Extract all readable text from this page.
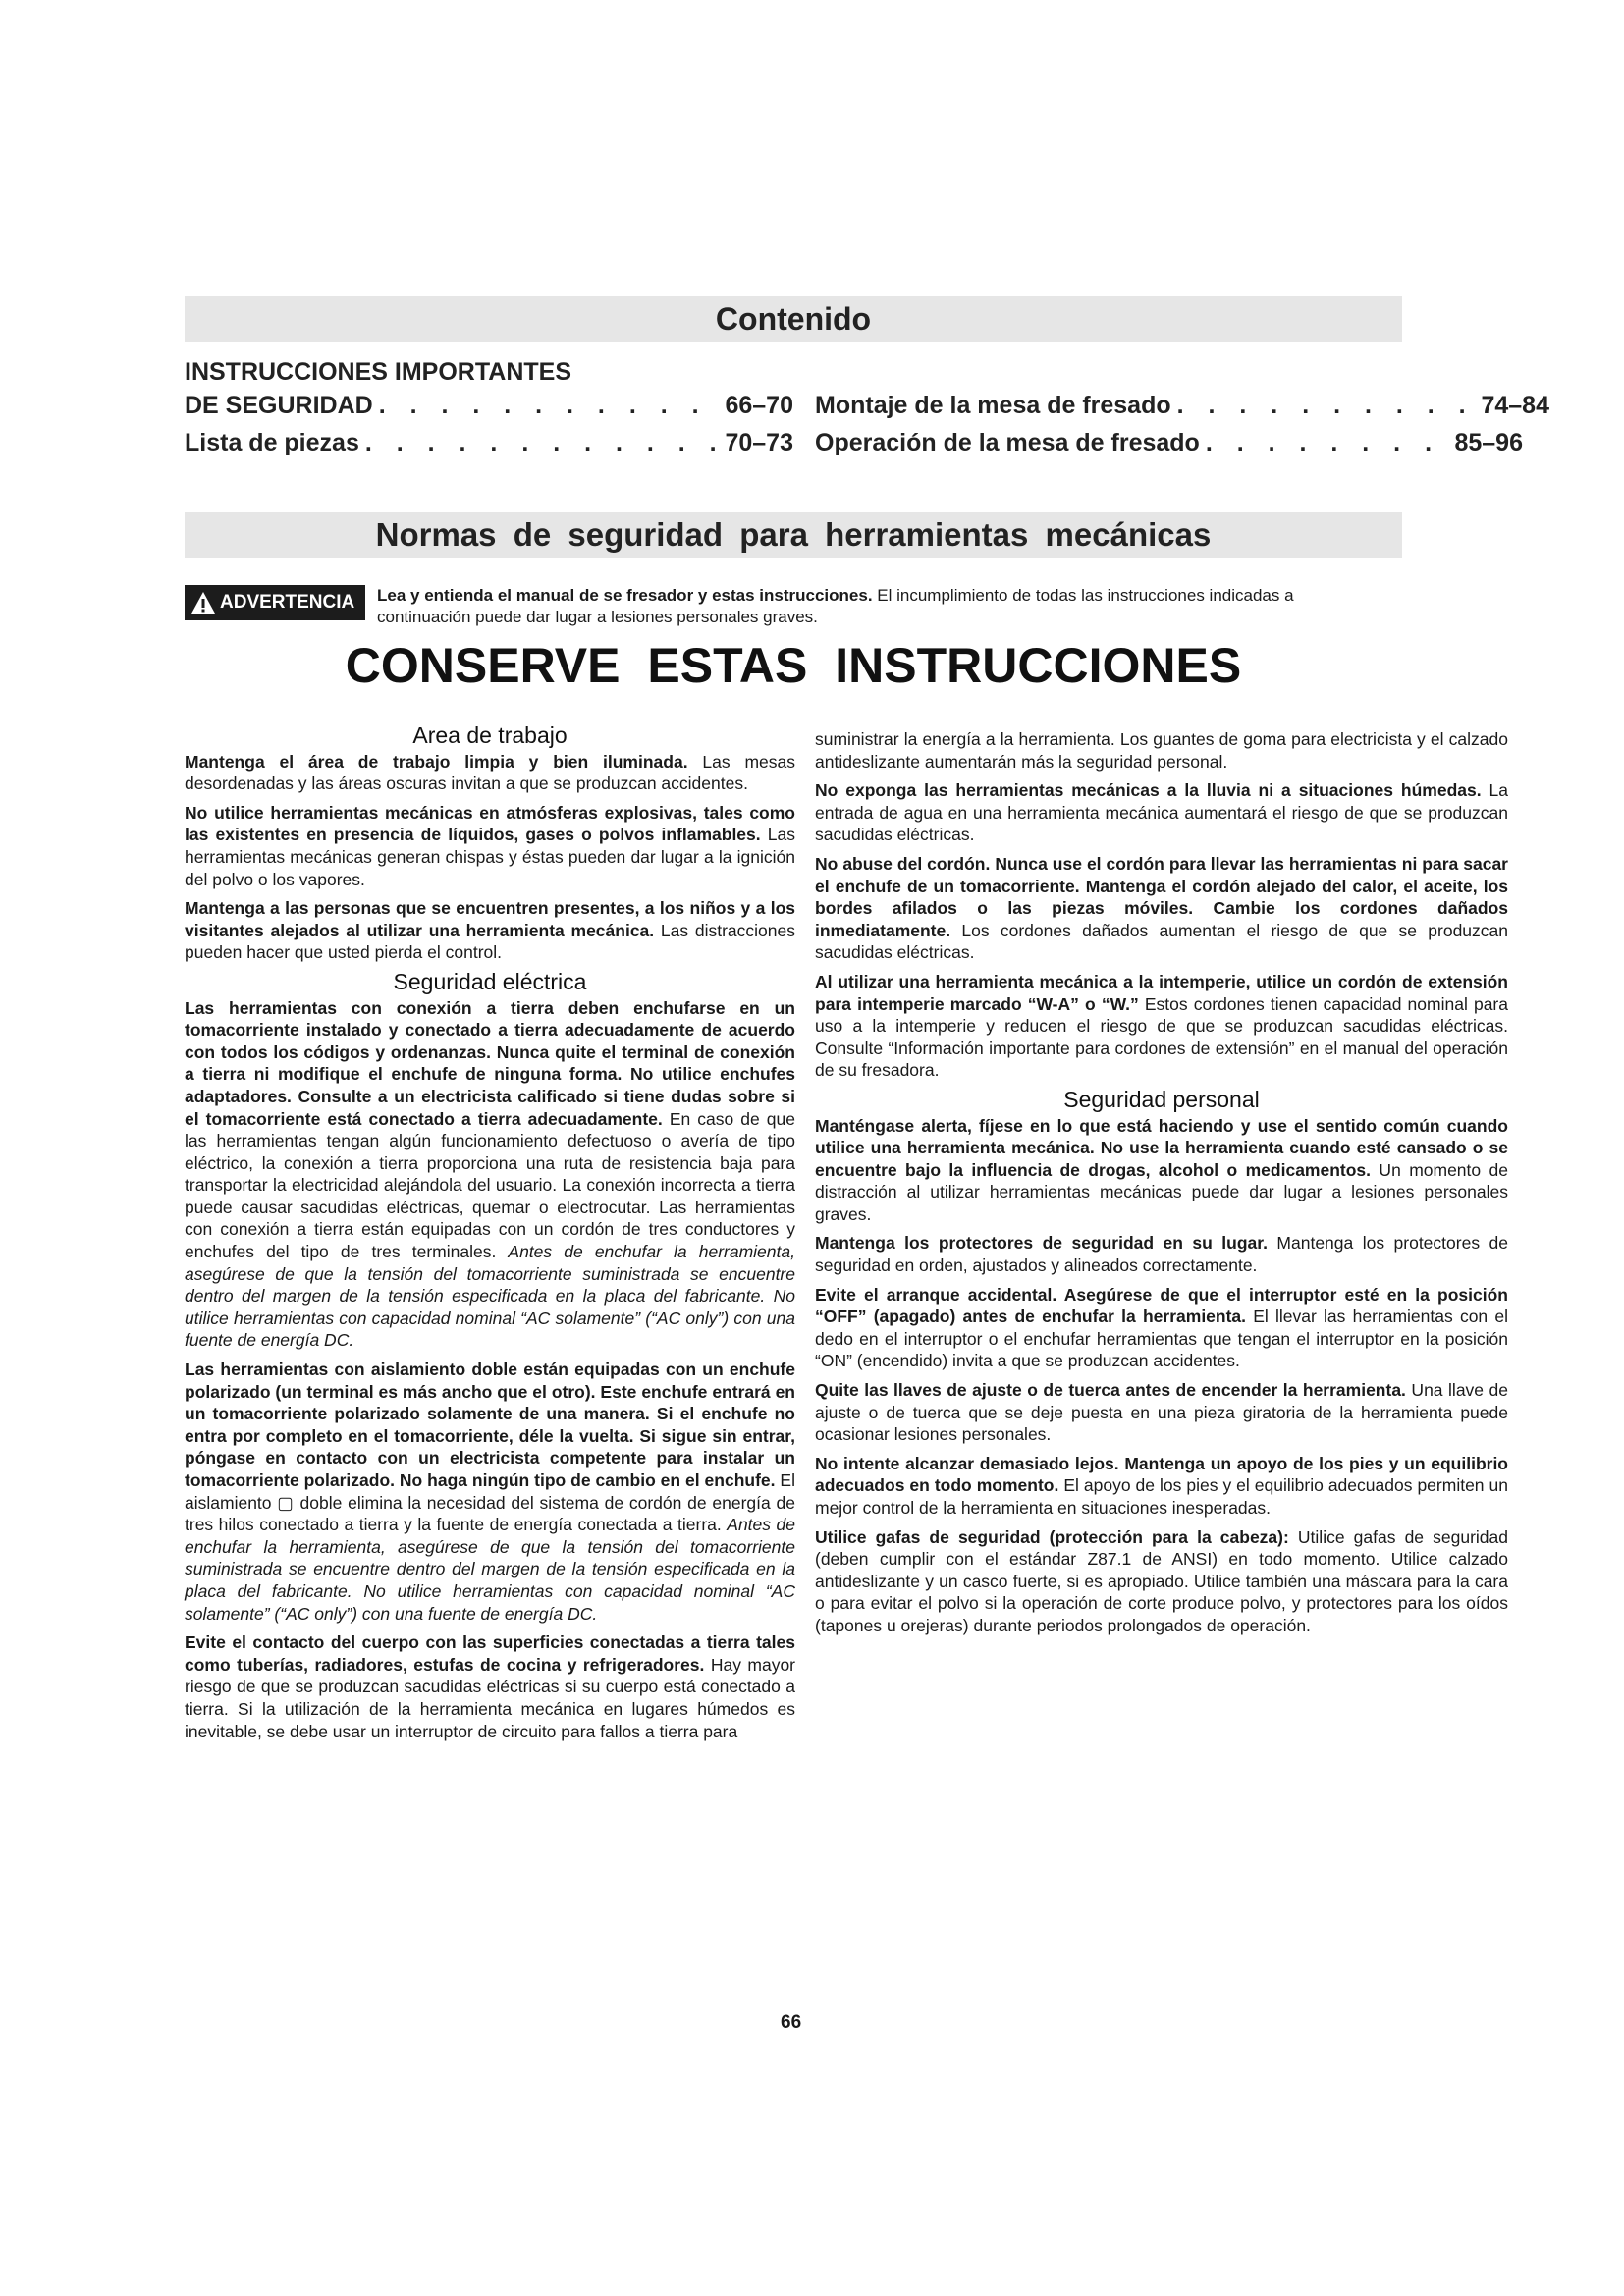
Contenido
INSTRUCCIONES IMPORTANTES
DE SEGURIDAD . . .	66–70
Lista de piezas . . .	70–73
Montaje de la mesa de fresado . . .	74–84
Operación de la mesa de fresado . . .	85–96
Normas de seguridad para herramientas mecánicas
ADVERTENCIA Lea y entienda el manual de se fresador y estas instrucciones. El incumplimiento de todas las instrucciones indicadas a continuación puede dar lugar a lesiones personales graves.
CONSERVE ESTAS INSTRUCCIONES
Area de trabajo

Mantenga el área de trabajo limpia y bien iluminada. Las mesas desordenadas y las áreas oscuras invitan a que se produzcan accidentes.

No utilice herramientas mecánicas en atmósferas explosivas, tales como las existentes en presencia de líquidos, gases o polvos inflamables. Las herramientas mecánicas generan chispas y éstas pueden dar lugar a la ignición del polvo o los vapores.

Mantenga a las personas que se encuentren presentes, a los niños y a los visitantes alejados al utilizar una herramienta mecánica. Las distracciones pueden hacer que usted pierda el control.

Seguridad eléctrica

Las herramientas con conexión a tierra deben enchufarse en un tomacorriente instalado y conectado a tierra adecuadamente de acuerdo con todos los códigos y ordenanzas. Nunca quite el terminal de conexión a tierra ni modifique el enchufe de ninguna forma. No utilice enchufes adaptadores. Consulte a un electricista calificado si tiene dudas sobre si el tomacorriente está conectado a tierra adecuadamente. En caso de que las herramientas tengan algún funcionamiento defectuoso o avería de tipo eléctrico, la conexión a tierra proporciona una ruta de resistencia baja para transportar la electricidad alejándola del usuario. La conexión incorrecta a tierra puede causar sacudidas eléctricas, quemar o electrocutar. Las herramientas con conexión a tierra están equipadas con un cordón de tres conductores y enchufes del tipo de tres terminales. Antes de enchufar la herramienta, asegúrese de que la tensión del tomacorriente suministrada se encuentre dentro del margen de la tensión especificada en la placa del fabricante. No utilice herramientas con capacidad nominal “AC solamente” (“AC only”) con una fuente de energía DC.

Las herramientas con aislamiento doble están equipadas con un enchufe polarizado (un terminal es más ancho que el otro). Este enchufe entrará en un tomacorriente polarizado solamente de una manera. Si el enchufe no entra por completo en el tomacorriente, déle la vuelta. Si sigue sin entrar, póngase en contacto con un electricista competente para instalar un tomacorriente polarizado. No haga ningún tipo de cambio en el enchufe. El aislamiento ▢ doble elimina la necesidad del sistema de cordón de energía de tres hilos conectado a tierra y la fuente de energía conectada a tierra. Antes de enchufar la herramienta, asegúrese de que la tensión del tomacorriente suministrada se encuentre dentro del margen de la tensión especificada en la placa del fabricante. No utilice herramientas con capacidad nominal “AC solamente” (“AC only”) con una fuente de energía DC.

Evite el contacto del cuerpo con las superficies conectadas a tierra tales como tuberías, radiadores, estufas de cocina y refrigeradores. Hay mayor riesgo de que se produzcan sacudidas eléctricas si su cuerpo está conectado a tierra. Si la utilización de la herramienta mecánica en lugares húmedos es inevitable, se debe usar un interruptor de circuito para fallos a tierra para

suministrar la energía a la herramienta. Los guantes de goma para electricista y el calzado antideslizante aumentarán más la seguridad personal.

No exponga las herramientas mecánicas a la lluvia ni a situaciones húmedas. La entrada de agua en una herramienta mecánica aumentará el riesgo de que se produzcan sacudidas eléctricas.

No abuse del cordón. Nunca use el cordón para llevar las herramientas ni para sacar el enchufe de un tomacorriente. Mantenga el cordón alejado del calor, el aceite, los bordes afilados o las piezas móviles. Cambie los cordones dañados inmediatamente. Los cordones dañados aumentan el riesgo de que se produzcan sacudidas eléctricas.

Al utilizar una herramienta mecánica a la intemperie, utilice un cordón de extensión para intemperie marcado “W-A” o “W.” Estos cordones tienen capacidad nominal para uso a la intemperie y reducen el riesgo de que se produzcan sacudidas eléctricas. Consulte “Información importante para cordones de extensión” en el manual del operación de su fresadora.

Seguridad personal

Manténgase alerta, fíjese en lo que está haciendo y use el sentido común cuando utilice una herramienta mecánica. No use la herramienta cuando esté cansado o se encuentre bajo la influencia de drogas, alcohol o medicamentos. Un momento de distracción al utilizar herramientas mecánicas puede dar lugar a lesiones personales graves.

Mantenga los protectores de seguridad en su lugar. Mantenga los protectores de seguridad en orden, ajustados y alineados correctamente.

Evite el arranque accidental. Asegúrese de que el interruptor esté en la posición “OFF” (apagado) antes de enchufar la herramienta. El llevar las herramientas con el dedo en el interruptor o el enchufar herramientas que tengan el interruptor en la posición “ON” (encendido) invita a que se produzcan accidentes.

Quite las llaves de ajuste o de tuerca antes de encender la herramienta. Una llave de ajuste o de tuerca que se deje puesta en una pieza giratoria de la herramienta puede ocasionar lesiones personales.

No intente alcanzar demasiado lejos. Mantenga un apoyo de los pies y un equilibrio adecuados en todo momento. El apoyo de los pies y el equilibrio adecuados permiten un mejor control de la herramienta en situaciones inesperadas.

Utilice gafas de seguridad (protección para la cabeza): Utilice gafas de seguridad (deben cumplir con el estándar Z87.1 de ANSI) en todo momento. Utilice calzado antideslizante y un casco fuerte, si es apropiado. Utilice también una máscara para la cara o para evitar el polvo si la operación de corte produce polvo, y protectores para los oídos (tapones u orejeras) durante periodos prolongados de operación.

66
